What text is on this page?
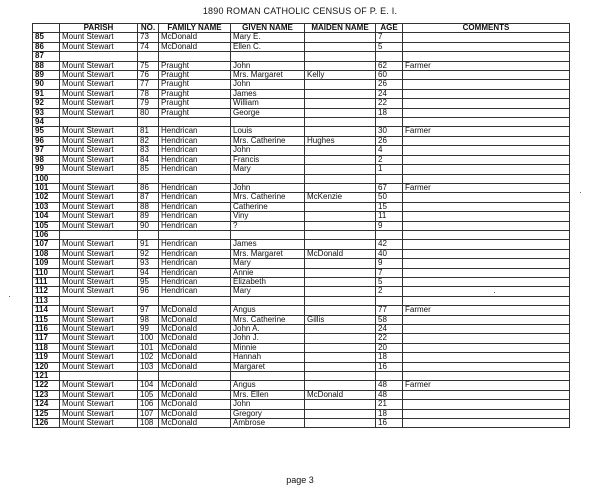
1890 ROMAN CATHOLIC CENSUS OF P. E. I.
	PARISH	NO.	FAMILY NAME	GIVEN NAME	MAIDEN NAME	AGE	COMMENTS
85	Mount Stewart	73	McDonald	Mary E.		7	
86	Mount Stewart	74	McDonald	Ellen C.		5	
87							
88	Mount Stewart	75	Praught	John		62	Farmer
89	Mount Stewart	76	Praught	Mrs. Margaret	Kelly	60	
90	Mount Stewart	77	Praught	John		26	
91	Mount Stewart	78	Praught	James		24	
92	Mount Stewart	79	Praught	William		22	
93	Mount Stewart	80	Praught	George		18	
94							
95	Mount Stewart	81	Hendrican	Louis		30	Farmer
96	Mount Stewart	82	Hendrican	Mrs. Catherine	Hughes	26	
97	Mount Stewart	83	Hendrican	John		4	
98	Mount Stewart	84	Hendrican	Francis		2	
99	Mount Stewart	85	Hendrican	Mary		1	
100							
101	Mount Stewart	86	Hendrican	John		67	Farmer
102	Mount Stewart	87	Hendrican	Mrs. Catherine	McKenzie	50	
103	Mount Stewart	88	Hendrican	Catherine		15	
104	Mount Stewart	89	Hendrican	Viny		11	
105	Mount Stewart	90	Hendrican	?		9	
106							
107	Mount Stewart	91	Hendrican	James		42	
108	Mount Stewart	92	Hendrican	Mrs. Margaret	McDonald	40	
109	Mount Stewart	93	Hendrican	Mary		9	
110	Mount Stewart	94	Hendrican	Annie		7	
111	Mount Stewart	95	Hendrican	Elizabeth		5	
112	Mount Stewart	96	Hendrican	Mary		2	
113							
114	Mount Stewart	97	McDonald	Angus		77	Farmer
115	Mount Stewart	98	McDonald	Mrs. Catherine	Gillis	58	
116	Mount Stewart	99	McDonald	John A.		24	
117	Mount Stewart	100	McDonald	John J.		22	
118	Mount Stewart	101	McDonald	Minnie		20	
119	Mount Stewart	102	McDonald	Hannah		18	
120	Mount Stewart	103	McDonald	Margaret		16	
121							
122	Mount Stewart	104	McDonald	Angus		48	Farmer
123	Mount Stewart	105	McDonald	Mrs. Ellen	McDonald	48	
124	Mount Stewart	106	McDonald	John		21	
125	Mount Stewart	107	McDonald	Gregory		18	
126	Mount Stewart	108	McDonald	Ambrose		16	
page 3
